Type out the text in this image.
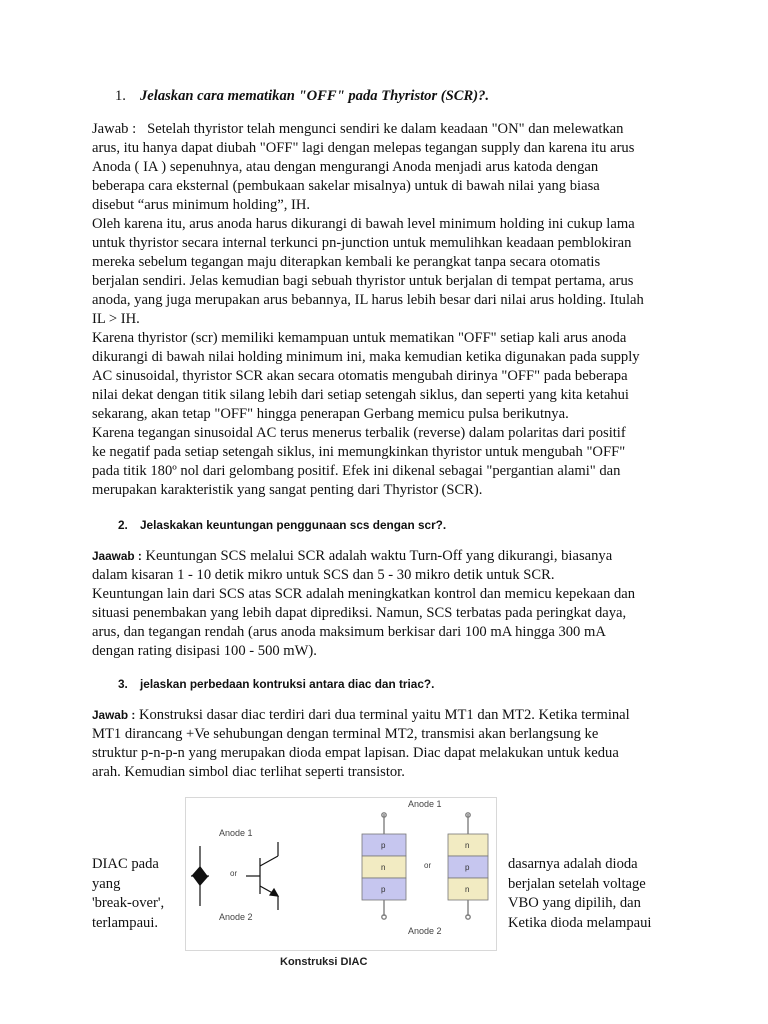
1. Jelaskan cara mematikan "OFF" pada Thyristor (SCR)?.
Jawab : Setelah thyristor telah mengunci sendiri ke dalam keadaan "ON" dan melewatkan
arus, itu hanya dapat diubah "OFF" lagi dengan melepas tegangan supply dan karena itu arus
Anoda ( IA ) sepenuhnya, atau dengan mengurangi Anoda menjadi arus katoda dengan
beberapa cara eksternal (pembukaan sakelar misalnya) untuk di bawah nilai yang biasa
disebut “arus minimum holding”, IH.
Oleh karena itu, arus anoda harus dikurangi di bawah level minimum holding ini cukup lama
untuk thyristor secara internal terkunci pn-junction untuk memulihkan keadaan pemblokiran
mereka sebelum tegangan maju diterapkan kembali ke perangkat tanpa secara otomatis
berjalan sendiri. Jelas kemudian bagi sebuah thyristor untuk berjalan di tempat pertama, arus
anoda, yang juga merupakan arus bebannya, IL harus lebih besar dari nilai arus holding. Itulah
IL > IH.
Karena thyristor (scr) memiliki kemampuan untuk mematikan "OFF" setiap kali arus anoda
dikurangi di bawah nilai holding minimum ini, maka kemudian ketika digunakan pada supply
AC sinusoidal, thyristor SCR akan secara otomatis mengubah dirinya "OFF" pada beberapa
nilai dekat dengan titik silang lebih dari setiap setengah siklus, dan seperti yang kita ketahui
sekarang, akan tetap "OFF" hingga penerapan Gerbang memicu pulsa berikutnya.
Karena tegangan sinusoidal AC terus menerus terbalik (reverse) dalam polaritas dari positif
ke negatif pada setiap setengah siklus, ini memungkinkan thyristor untuk mengubah "OFF"
pada titik 180º nol dari gelombang positif. Efek ini dikenal sebagai "pergantian alami" dan
merupakan karakteristik yang sangat penting dari Thyristor (SCR).
2. Jelaskakan keuntungan penggunaan scs dengan scr?.
Jaawab : Keuntungan SCS melalui SCR adalah waktu Turn-Off yang dikurangi, biasanya
dalam kisaran 1 - 10 detik mikro untuk SCS dan 5 - 30 mikro detik untuk SCR.
Keuntungan lain dari SCS atas SCR adalah meningkatkan kontrol dan memicu kepekaan dan
situasi penembakan yang lebih dapat diprediksi. Namun, SCS terbatas pada peringkat daya,
arus, dan tegangan rendah (arus anoda maksimum berkisar dari 100 mA hingga 300 mA
dengan rating disipasi 100 - 500 mW).
3. jelaskan perbedaan kontruksi antara diac dan triac?.
Jawab : Konstruksi dasar diac terdiri dari dua terminal yaitu MT1 dan MT2. Ketika terminal
MT1 dirancang +Ve sehubungan dengan terminal MT2, transmisi akan berlangsung ke
struktur p-n-p-n yang merupakan dioda empat lapisan. Diac dapat melakukan untuk kedua
arah. Kemudian simbol diac terlihat seperti transistor.
DIAC pada
yang
'break-over',
terlampaui.
dasarnya adalah dioda
berjalan setelah voltage
VBO yang dipilih, dan
Ketika dioda melampaui
Anode 1
Anode 2
or
Anode 1
p
n
p
or
n
p
n
Anode 2
Konstruksi DIAC
